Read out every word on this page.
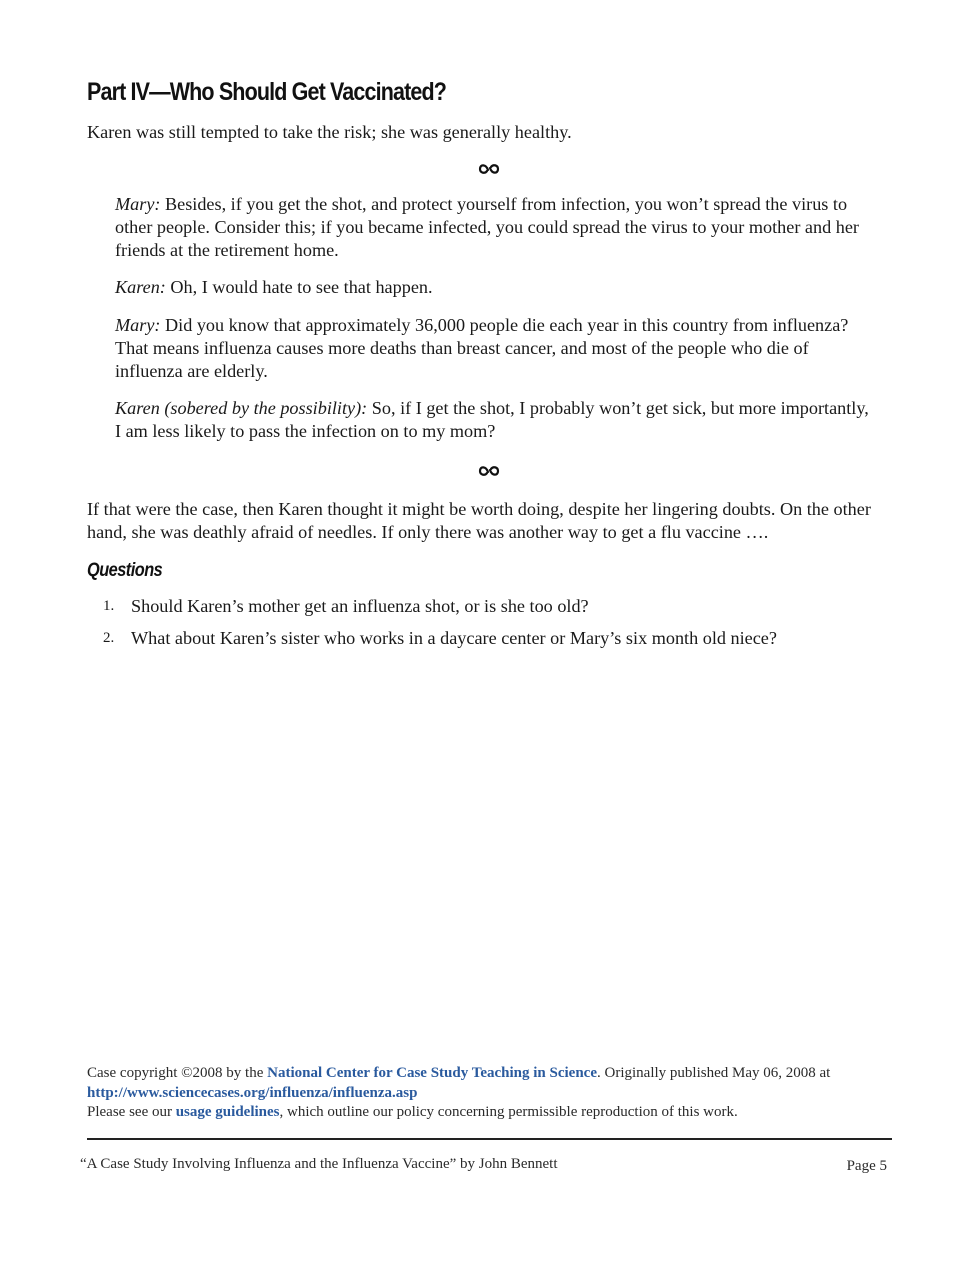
Part IV—Who Should Get Vaccinated?

Karen was still tempted to take the risk; she was generally healthy.

Mary: Besides, if you get the shot, and protect yourself from infection, you won’t spread the virus to other people. Consider this; if you became infected, you could spread the virus to your mother and her friends at the retirement home.

Karen: Oh, I would hate to see that happen.

Mary: Did you know that approximately 36,000 people die each year in this country from influenza? That means influenza causes more deaths than breast cancer, and most of the people who die of influenza are elderly.

Karen (sobered by the possibility): So, if I get the shot, I probably won’t get sick, but more importantly, I am less likely to pass the infection on to my mom?

If that were the case, then Karen thought it might be worth doing, despite her lingering doubts. On the other hand, she was deathly afraid of needles. If only there was another way to get a flu vaccine ….

Questions
1. Should Karen’s mother get an influenza shot, or is she too old?
2. What about Karen’s sister who works in a daycare center or Mary’s six month old niece?
Case copyright ©2008 by the National Center for Case Study Teaching in Science. Originally published May 06, 2008 at
http://www.sciencecases.org/influenza/influenza.asp
Please see our usage guidelines, which outline our policy concerning permissible reproduction of this work.
“A Case Study Involving Influenza and the Influenza Vaccine” by John Bennett	Page 5
